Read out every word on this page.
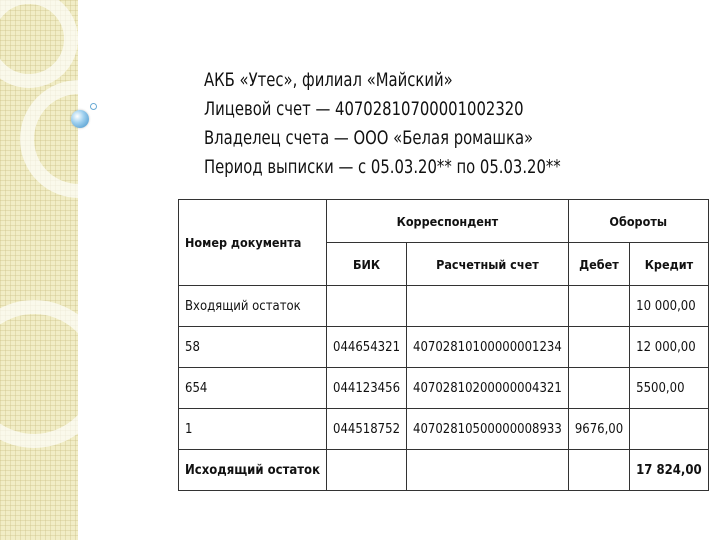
АКБ «Утес», филиал «Майский»
Лицевой счет — 40702810700001002320
Владелец счета — ООО «Белая ромашка»
Период выписки — с 05.03.20** по 05.03.20**
Номер документа	Корреспондент		Обороты	
	БИК	Расчетный счет	Дебет	Кредит
Входящий остаток				10 000,00
58	044654321	40702810100000001234		12 000,00
654	044123456	40702810200000004321		5500,00
1	044518752	40702810500000008933	9676,00	
Исходящий остаток				17 824,00
